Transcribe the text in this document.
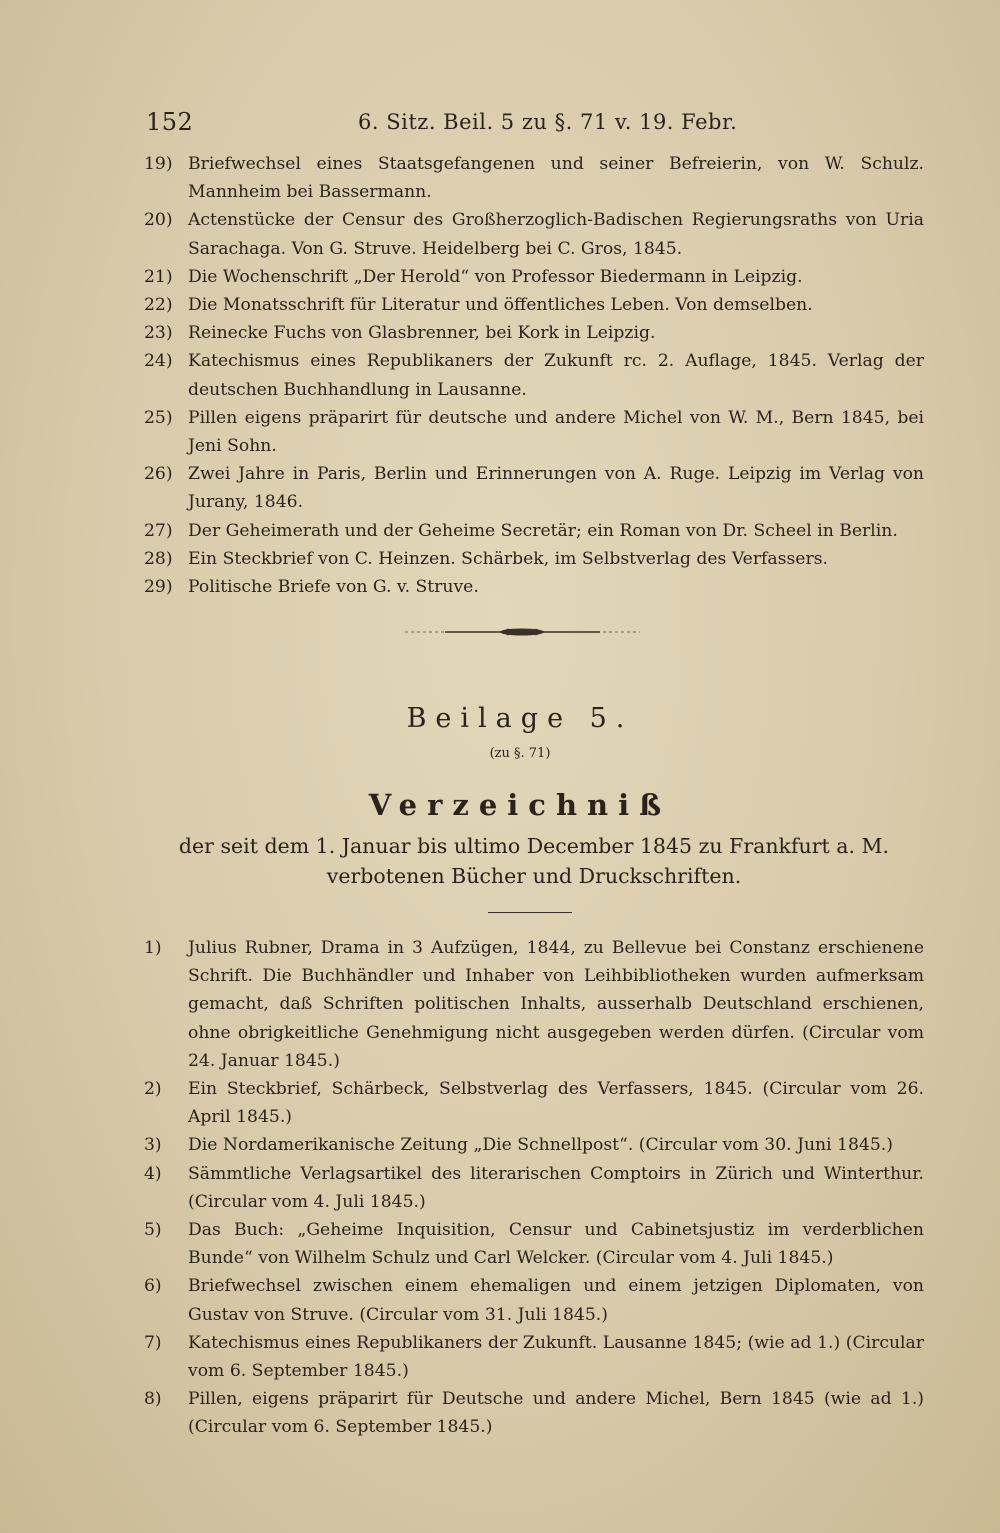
152	6. Sitz. Beil. 5 zu §. 71 v. 19. Febr.
19) Briefwechsel eines Staatsgefangenen und seiner Befreierin, von W. Schulz. Mannheim bei Bassermann.
20) Actenstücke der Censur des Großherzoglich-Badischen Regierungsraths von Uria Sarachaga. Von G. Struve. Heidelberg bei C. Gros, 1845.
21) Die Wochenschrift „Der Herold“ von Professor Biedermann in Leipzig.
22) Die Monatsschrift für Literatur und öffentliches Leben. Von demselben.
23) Reinecke Fuchs von Glasbrenner, bei Kork in Leipzig.
24) Katechismus eines Republikaners der Zukunft rc. 2. Auflage, 1845. Verlag der deutschen Buchhandlung in Lausanne.
25) Pillen eigens präparirt für deutsche und andere Michel von W. M., Bern 1845, bei Jeni Sohn.
26) Zwei Jahre in Paris, Berlin und Erinnerungen von A. Ruge. Leipzig im Verlag von Jurany, 1846.
27) Der Geheimerath und der Geheime Secretär; ein Roman von Dr. Scheel in Berlin.
28) Ein Steckbrief von C. Heinzen. Schärbek, im Selbstverlag des Verfassers.
29) Politische Briefe von G. v. Struve.
Beilage 5.
(zu §. 71)
Verzeichniß
der seit dem 1. Januar bis ultimo December 1845 zu Frankfurt a. M. verbotenen Bücher und Druckschriften.
1)	Julius Rubner, Drama in 3 Aufzügen, 1844, zu Bellevue bei Constanz erschienene Schrift. Die Buchhändler und Inhaber von Leihbibliotheken wurden aufmerksam gemacht, daß Schriften politischen Inhalts, ausserhalb Deutschland erschienen, ohne obrigkeitliche Genehmigung nicht ausgegeben werden dürfen. (Circular vom 24. Januar 1845.)
2)	Ein Steckbrief, Schärbeck, Selbstverlag des Verfassers, 1845. (Circular vom 26. April 1845.)
3)	Die Nordamerikanische Zeitung „Die Schnellpost“. (Circular vom 30. Juni 1845.)
4)	Sämmtliche Verlagsartikel des literarischen Comptoirs in Zürich und Winterthur. (Circular vom 4. Juli 1845.)
5)	Das Buch: „Geheime Inquisition, Censur und Cabinetsjustiz im verderblichen Bunde“ von Wilhelm Schulz und Carl Welcker. (Circular vom 4. Juli 1845.)
6)	Briefwechsel zwischen einem ehemaligen und einem jetzigen Diplomaten, von Gustav von Struve. (Circular vom 31. Juli 1845.)
7)	Katechismus eines Republikaners der Zukunft. Lausanne 1845; (wie ad 1.) (Circular vom 6. September 1845.)
8)	Pillen, eigens präparirt für Deutsche und andere Michel, Bern 1845 (wie ad 1.) (Circular vom 6. September 1845.)
